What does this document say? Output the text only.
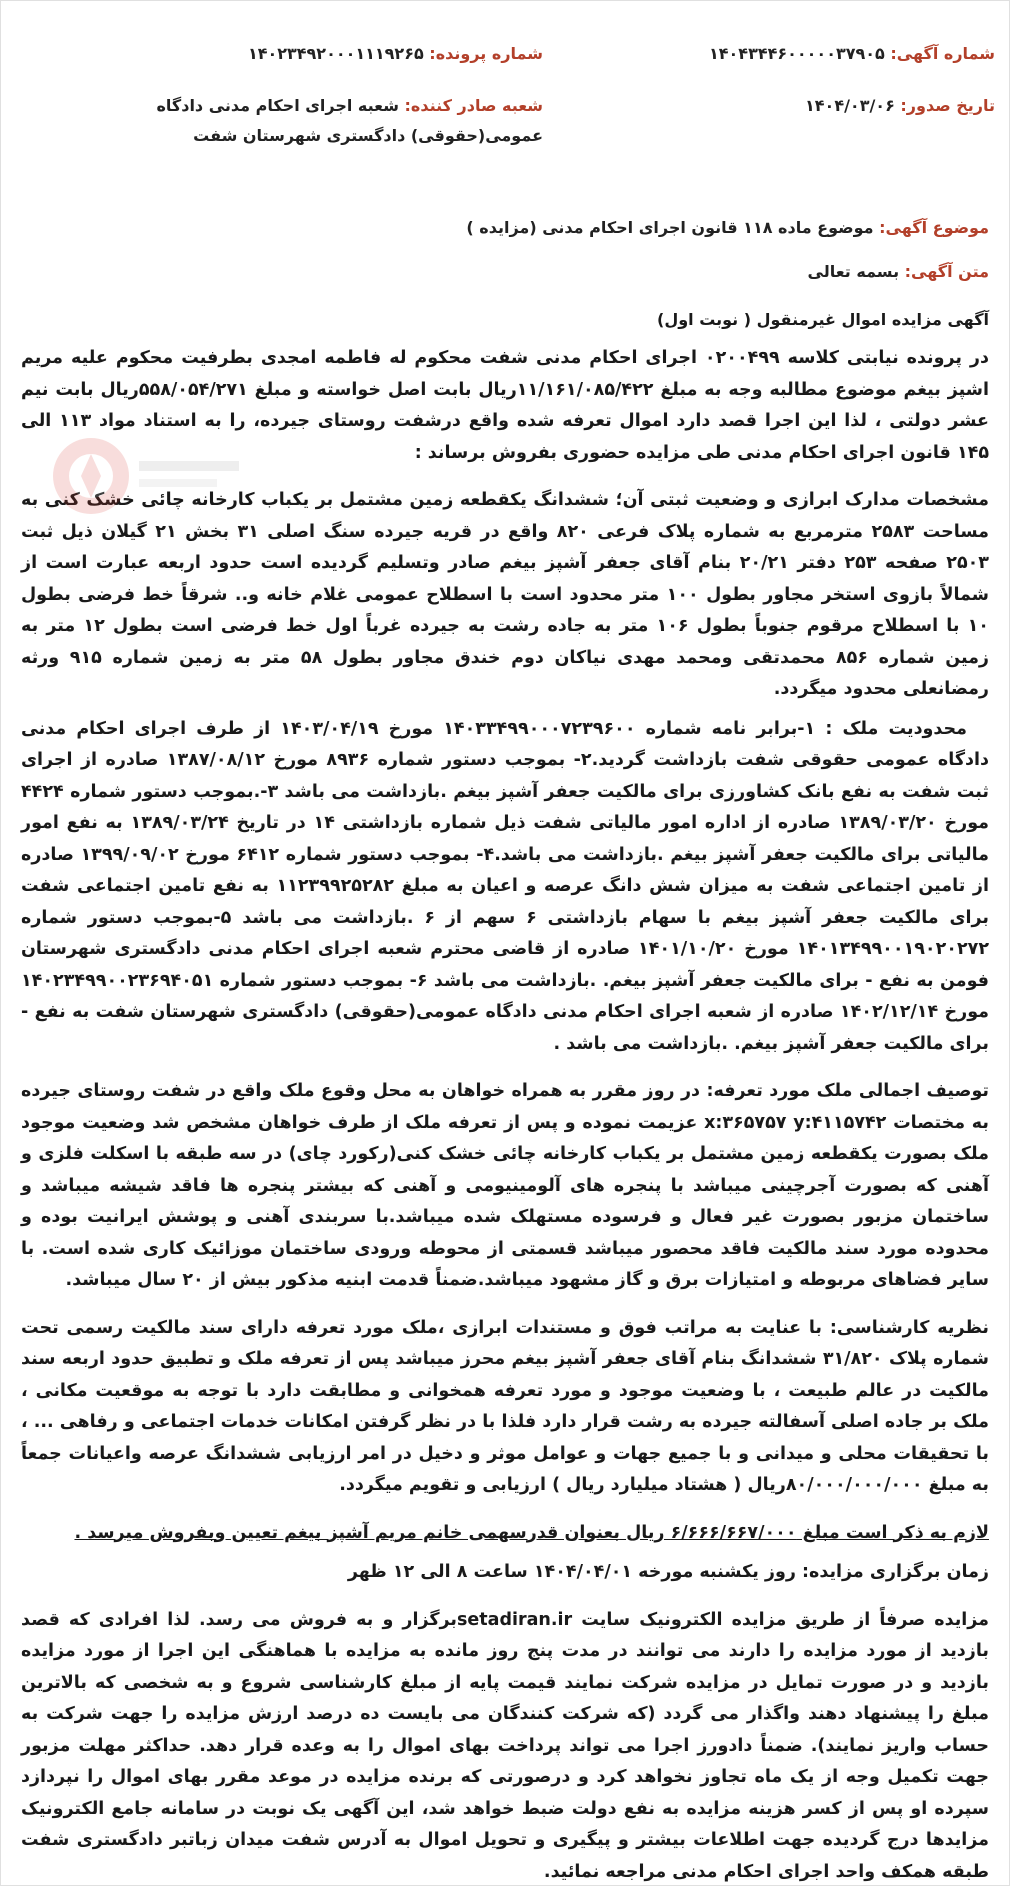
شماره آگهی: ۱۴۰۴۳۴۴۶۰۰۰۰۰۳۷۹۰۵
شماره پرونده: ۱۴۰۲۳۴۹۲۰۰۰۱۱۱۹۲۶۵
تاریخ صدور: ۱۴۰۴/۰۳/۰۶
شعبه صادر کننده: شعبه اجرای احکام مدنی دادگاه عمومی(حقوقی) دادگستری شهرستان شفت
موضوع آگهی: موضوع ماده ۱۱۸ قانون اجرای احکام مدنی (مزایده )
متن آگهی: بسمه تعالی
آگهی مزایده اموال غیرمنقول ( نوبت اول)

در پرونده نیابتی کلاسه ۰۲۰۰۴۹۹ اجرای احکام مدنی شفت محکوم له فاطمه امجدی بطرفیت محکوم علیه مریم اشپز بیغم موضوع مطالبه وجه به مبلغ ۱۱/۱۶۱/۰۸۵/۴۲۲ریال بابت اصل خواسته و مبلغ ۵۵۸/۰۵۴/۲۷۱ریال بابت نیم عشر دولتی ، لذا این اجرا قصد دارد اموال تعرفه شده واقع درشفت روستای جیرده، را به استناد مواد ۱۱۳ الی ۱۴۵ قانون اجرای احکام مدنی طی مزایده حضوری بفروش برساند :

مشخصات مدارک ابرازی و وضعیت ثبتی آن؛ ششدانگ یکقطعه زمین مشتمل بر یکباب کارخانه چائی خشک کنی به مساحت ۲۵۸۳ مترمربع به شماره پلاک فرعی ۸۲۰ واقع در قریه جیرده سنگ اصلی ۳۱ بخش ۲۱ گیلان ذیل ثبت ۲۵۰۳ صفحه ۲۵۳ دفتر ۲۰/۲۱ بنام آقای جعفر آشپز بیغم صادر وتسلیم گردیده است حدود اربعه عبارت است از شمالاً بازوی استخر مجاور بطول ۱۰۰ متر محدود است با اسطلاح عمومی غلام خانه و.. شرقاً خط فرضی بطول ۱۰ با اسطلاح مرقوم جنوباً بطول ۱۰۶ متر به جاده رشت به جیرده غرباً اول خط فرضی است بطول ۱۲ متر به زمین شماره ۸۵۶ محمدتقی ومحمد مهدی نیاکان دوم خندق مجاور بطول ۵۸ متر به زمین شماره ۹۱۵ ورثه رمضانعلی محدود میگردد.

محدودیت ملک : ۱-برابر نامه شماره ۱۴۰۳۳۴۹۹۰۰۰۷۲۳۹۶۰۰ مورخ ۱۴۰۳/۰۴/۱۹ از طرف اجرای احکام مدنی دادگاه عمومی حقوقی شفت بازداشت گردید.۲- بموجب دستور شماره ۸۹۳۶ مورخ ۱۳۸۷/۰۸/۱۲ صادره از اجرای ثبت شفت به نفع بانک کشاورزی برای مالکیت جعفر آشپز بیغم .بازداشت می باشد ۳-.بموجب دستور شماره ۴۴۲۴ مورخ ۱۳۸۹/۰۳/۲۰ صادره از اداره امور مالیاتی شفت ذیل شماره بازداشتی ۱۴ در تاریخ ۱۳۸۹/۰۳/۲۴ به نفع امور مالیاتی برای مالکیت جعفر آشپز بیغم .بازداشت می باشد.۴- بموجب دستور شماره ۶۴۱۲ مورخ ۱۳۹۹/۰۹/۰۲ صادره از تامین اجتماعی شفت به میزان شش دانگ عرصه و اعیان به مبلغ ۱۱۲۳۹۹۲۵۲۸۲ به نفع تامین اجتماعی شفت برای مالکیت جعفر آشپز بیغم با سهام بازداشتی ۶ سهم از ۶ .بازداشت می باشد ۵-بموجب دستور شماره ۱۴۰۱۳۴۹۹۰۰۱۹۰۲۰۲۷۲ مورخ ۱۴۰۱/۱۰/۲۰ صادره از قاضی محترم شعبه اجرای احکام مدنی دادگستری شهرستان فومن به نفع - برای مالکیت جعفر آشپز بیغم. .بازداشت می باشد ۶- بموجب دستور شماره ۱۴۰۲۳۴۹۹۰۰۲۳۶۹۴۰۵۱ مورخ ۱۴۰۲/۱۲/۱۴ صادره از شعبه اجرای احکام مدنی دادگاه عمومی(حقوقی) دادگستری شهرستان شفت به نفع - برای مالکیت جعفر آشپز بیغم. .بازداشت می باشد .

توصیف اجمالی ملک مورد تعرفه: در روز مقرر به همراه خواهان به محل وقوع ملک واقع در شفت روستای جیرده به مختصات x:۳۶۵۷۵۷ y:۴۱۱۵۷۴۲ عزیمت نموده و پس از تعرفه ملک از طرف خواهان مشخص شد وضعیت موجود ملک بصورت یکقطعه زمین مشتمل بر یکباب کارخانه چائی خشک کنی(رکورد چای) در سه طبقه با اسکلت فلزی و آهنی که بصورت آجرچینی میباشد با پنجره های آلومینیومی و آهنی که بیشتر پنجره ها فاقد شیشه میباشد و ساختمان مزبور بصورت غیر فعال و فرسوده مستهلک شده میباشد.با سربندی آهنی و پوشش ایرانیت بوده و محدوده مورد سند مالکیت فاقد محصور میباشد قسمتی از محوطه ورودی ساختمان موزائیک کاری شده است. با سایر فضاهای مربوطه و امتیازات برق و گاز مشهود میباشد.ضمناً قدمت ابنیه مذکور بیش از ۲۰ سال میباشد.

نظریه کارشناسی: با عنایت به مراتب فوق و مستندات ابرازی ،ملک مورد تعرفه دارای سند مالکیت رسمی تحت شماره پلاک ۳۱/۸۲۰ ششدانگ بنام آقای جعفر آشپز بیغم محرز میباشد پس از تعرفه ملک و تطبیق حدود اربعه سند مالکیت در عالم طبیعت ، با وضعیت موجود و مورد تعرفه همخوانی و مطابقت دارد با توجه به موقعیت مکانی ، ملک بر جاده اصلی آسفالته جیرده به رشت قرار دارد فلذا با در نظر گرفتن امکانات خدمات اجتماعی و رفاهی ... ، با تحقیقات محلی و میدانی و با جمیع جهات و عوامل موثر و دخیل در امر ارزیابی ششدانگ عرصه واعیانات جمعاً به مبلغ ۸۰/۰۰۰/۰۰۰/۰۰۰ریال ( هشتاد میلیارد ریال ) ارزیابی و تقویم میگردد.

لازم به ذکر است مبلغ ۶/۶۶۶/۶۶۷/۰۰۰ ریال بعنوان قدرسهمی خانم مریم آشپز بیغم تعیین وبفروش میرسد .

زمان برگزاری مزایده: روز یکشنبه مورخه ۱۴۰۴/۰۴/۰۱ ساعت ۸ الی ۱۲ ظهر

مزایده صرفاً از طریق مزایده الکترونیک سایت setadiran.irبرگزار و به فروش می رسد. لذا افرادی که قصد بازدید از مورد مزایده را دارند می توانند در مدت پنج روز مانده به مزایده با هماهنگی این اجرا از مورد مزایده بازدید و در صورت تمایل در مزایده شرکت نمایند قیمت پایه از مبلغ کارشناسی شروع و به شخصی که بالاترین مبلغ را پیشنهاد دهند واگذار می گردد (که شرکت کنندگان می بایست ده درصد ارزش مزایده را جهت شرکت به حساب واریز نمایند). ضمناً دادورز اجرا می تواند پرداخت بهای اموال را به وعده قرار دهد. حداکثر مهلت مزبور جهت تکمیل وجه از یک ماه تجاوز نخواهد کرد و درصورتی که برنده مزایده در موعد مقرر بهای اموال را نپردازد سپرده او پس از کسر هزینه مزایده به نفع دولت ضبط خواهد شد، این آگهی یک نوبت در سامانه جامع الکترونیک مزایدها درج گردیده جهت اطلاعات بیشتر و پیگیری و تحویل اموال به آدرس شفت میدان زباتبر دادگستری شفت طبقه همکف واحد اجرای احکام مدنی مراجعه نمائید.
